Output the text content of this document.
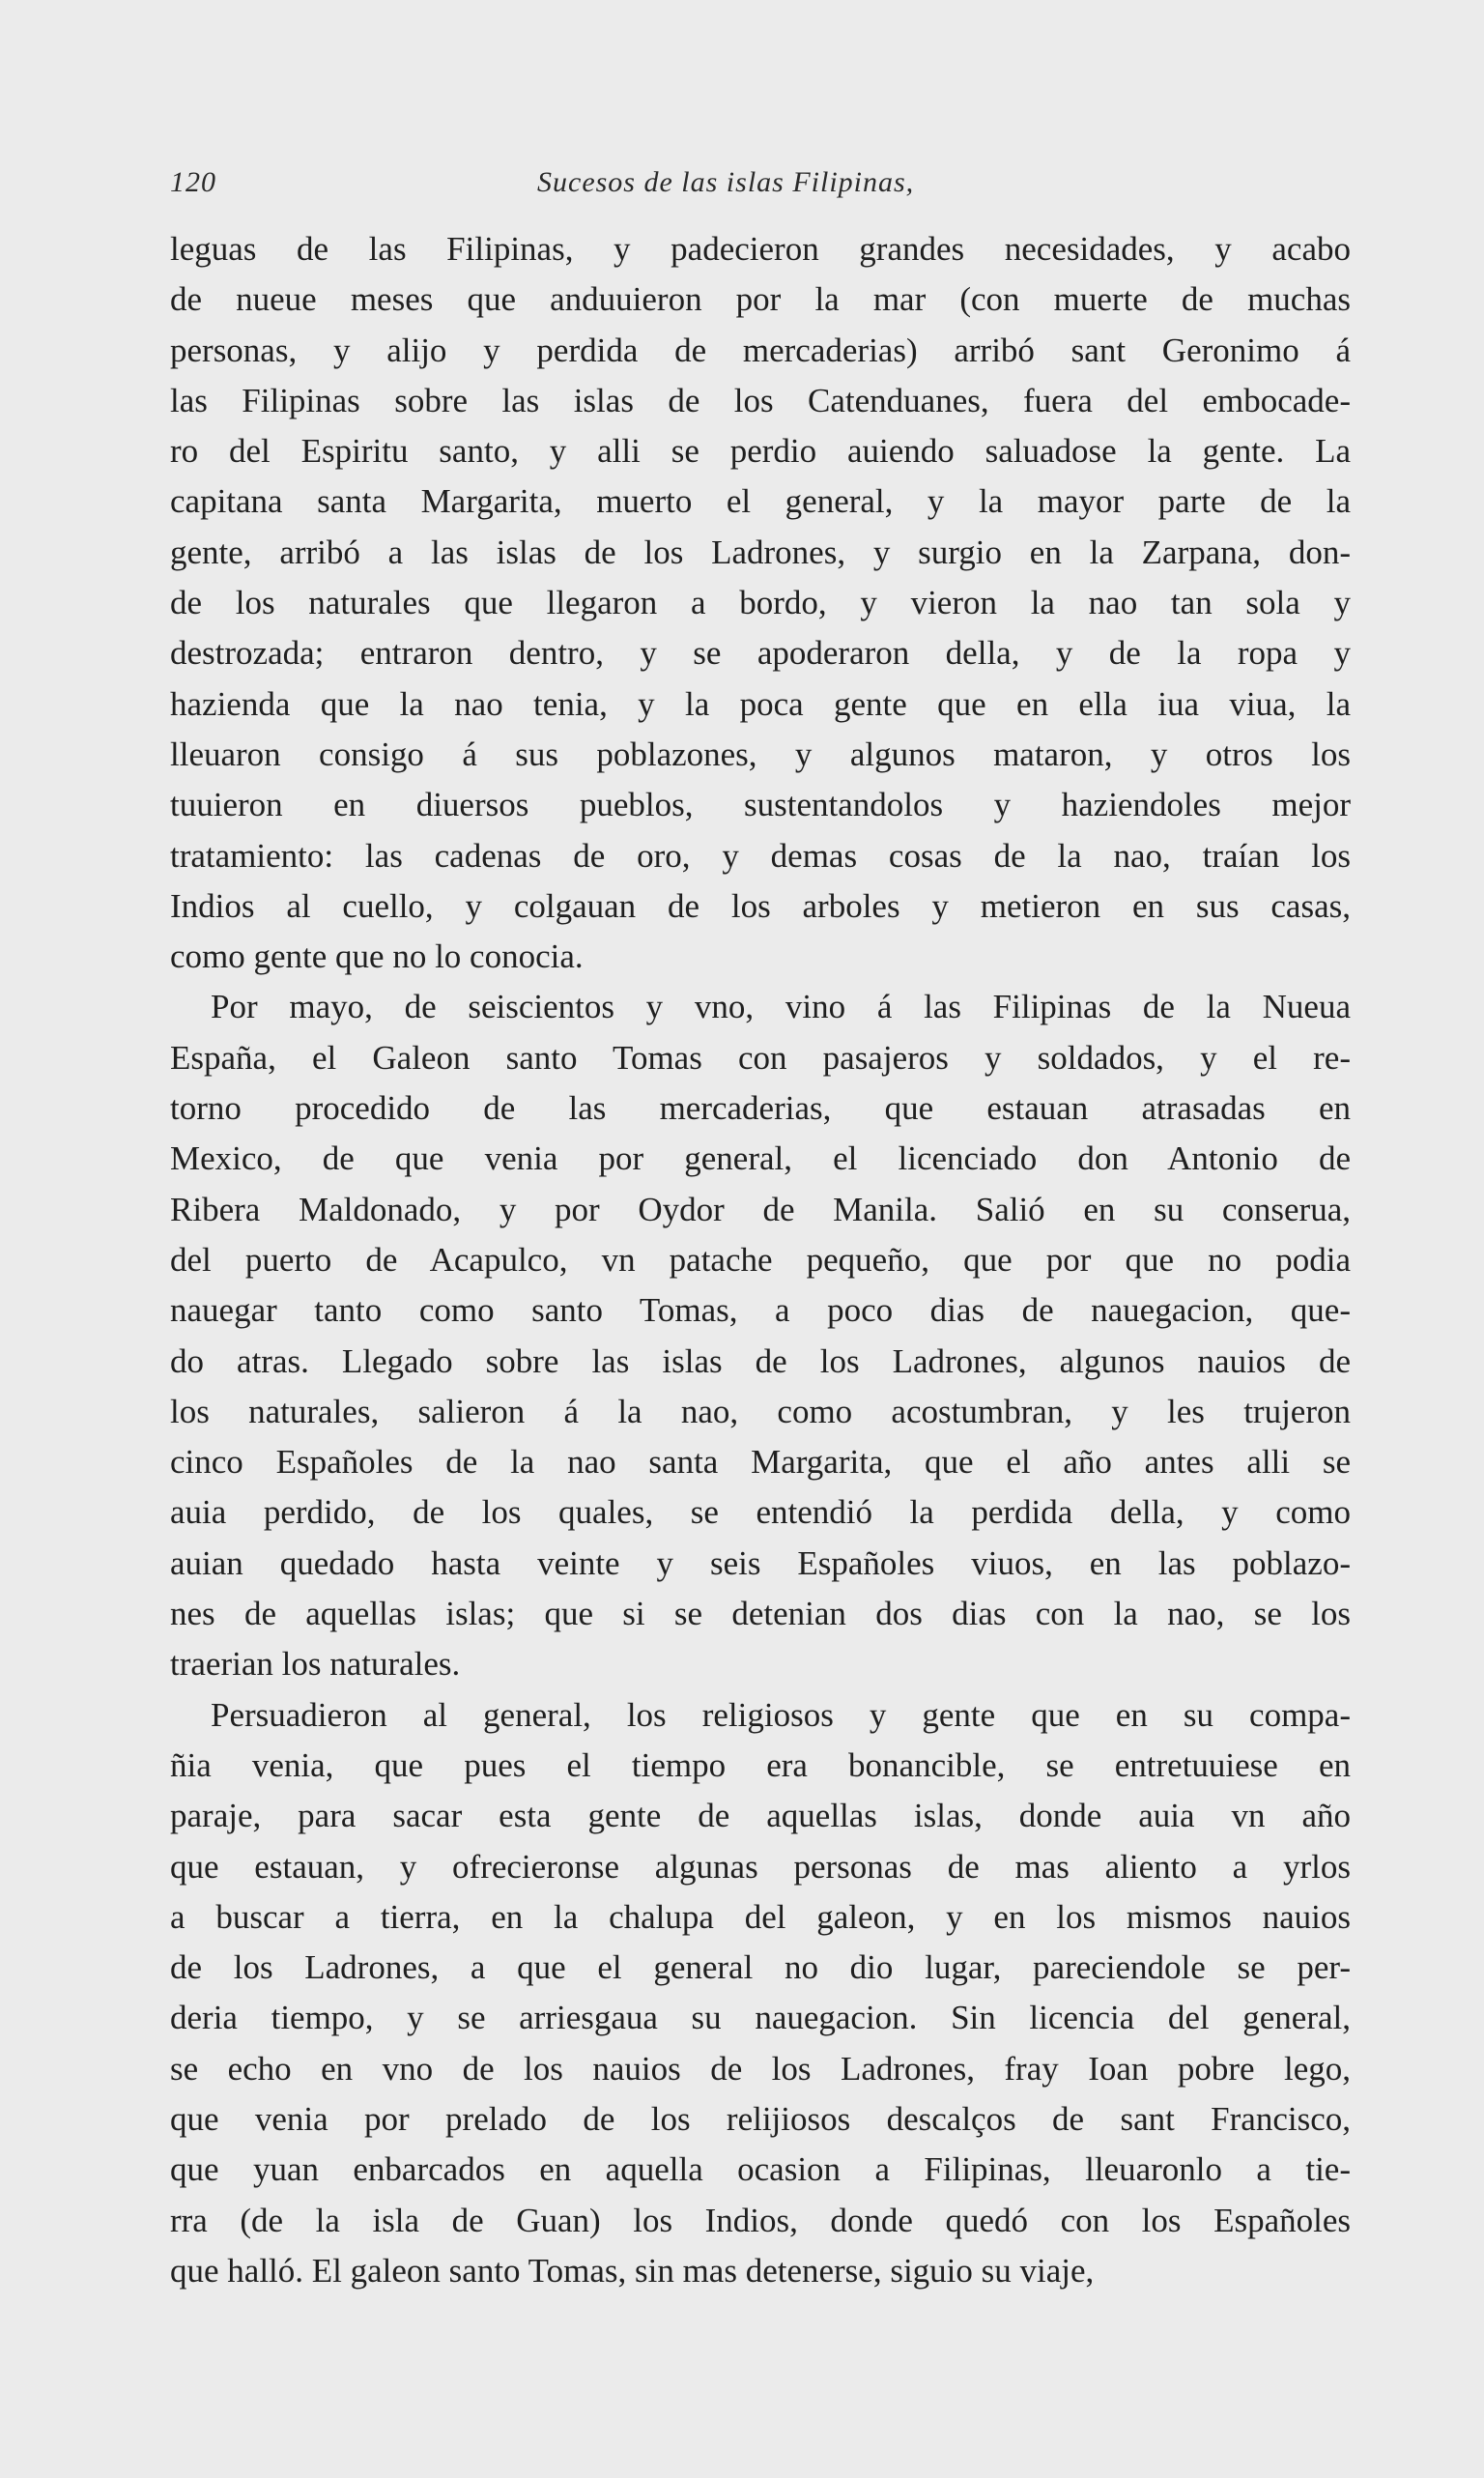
120	Sucesos de las islas Filipinas,
leguas de las Filipinas, y padecieron grandes necesidades, y acabo
de nueue meses que anduuieron por la mar (con muerte de muchas
personas, y alijo y perdida de mercaderias) arribó sant Geronimo á
las Filipinas sobre las islas de los Catenduanes, fuera del embocade-
ro del Espiritu santo, y alli se perdio auiendo saluadose la gente. La
capitana santa Margarita, muerto el general, y la mayor parte de la
gente, arribó a las islas de los Ladrones, y surgio en la Zarpana, don-
de los naturales que llegaron a bordo, y vieron la nao tan sola y
destrozada; entraron dentro, y se apoderaron della, y de la ropa y
hazienda que la nao tenia, y la poca gente que en ella iua viua, la
lleuaron consigo á sus poblazones, y algunos mataron, y otros los
tuuieron en diuersos pueblos, sustentandolos y haziendoles mejor
tratamiento: las cadenas de oro, y demas cosas de la nao, traían los
Indios al cuello, y colgauan de los arboles y metieron en sus casas,
como gente que no lo conocia.
Por mayo, de seiscientos y vno, vino á las Filipinas de la Nueua
España, el Galeon santo Tomas con pasajeros y soldados, y el re-
torno procedido de las mercaderias, que estauan atrasadas en
Mexico, de que venia por general, el licenciado don Antonio de
Ribera Maldonado, y por Oydor de Manila. Salió en su conserua,
del puerto de Acapulco, vn patache pequeño, que por que no podia
nauegar tanto como santo Tomas, a poco dias de nauegacion, que-
do atras. Llegado sobre las islas de los Ladrones, algunos nauios de
los naturales, salieron á la nao, como acostumbran, y les trujeron
cinco Españoles de la nao santa Margarita, que el año antes alli se
auia perdido, de los quales, se entendió la perdida della, y como
auian quedado hasta veinte y seis Españoles viuos, en las poblazo-
nes de aquellas islas; que si se detenian dos dias con la nao, se los
traerian los naturales.
Persuadieron al general, los religiosos y gente que en su compa-
ñia venia, que pues el tiempo era bonancible, se entretuuiese en
paraje, para sacar esta gente de aquellas islas, donde auia vn año
que estauan, y ofrecieronse algunas personas de mas aliento a yrlos
a buscar a tierra, en la chalupa del galeon, y en los mismos nauios
de los Ladrones, a que el general no dio lugar, pareciendole se per-
deria tiempo, y se arriesgaua su nauegacion. Sin licencia del general,
se echo en vno de los nauios de los Ladrones, fray Ioan pobre lego,
que venia por prelado de los relijiosos descalços de sant Francisco,
que yuan enbarcados en aquella ocasion a Filipinas, lleuaronlo a tie-
rra (de la isla de Guan) los Indios, donde quedó con los Españoles
que halló. El galeon santo Tomas, sin mas detenerse, siguio su viaje,
